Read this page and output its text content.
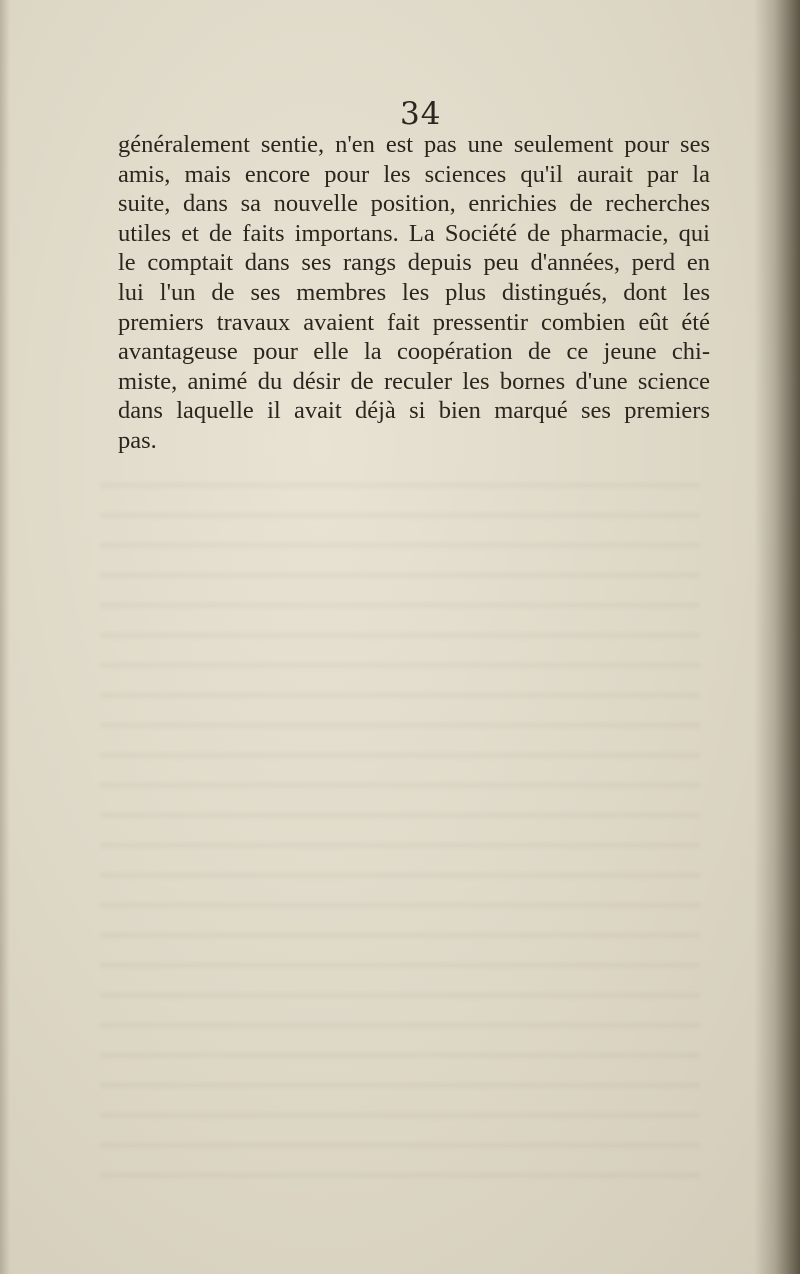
34
généralement sentie, n'en est pas une seulement pour ses
amis, mais encore pour les sciences qu'il aurait par la
suite, dans sa nouvelle position, enrichies de recherches
utiles et de faits importans. La Société de pharmacie, qui
le comptait dans ses rangs depuis peu d'années, perd en
lui l'un de ses membres les plus distingués, dont les
premiers travaux avaient fait pressentir combien eût été
avantageuse pour elle la coopération de ce jeune chi-
miste, animé du désir de reculer les bornes d'une science
dans laquelle il avait déjà si bien marqué ses premiers
pas.
